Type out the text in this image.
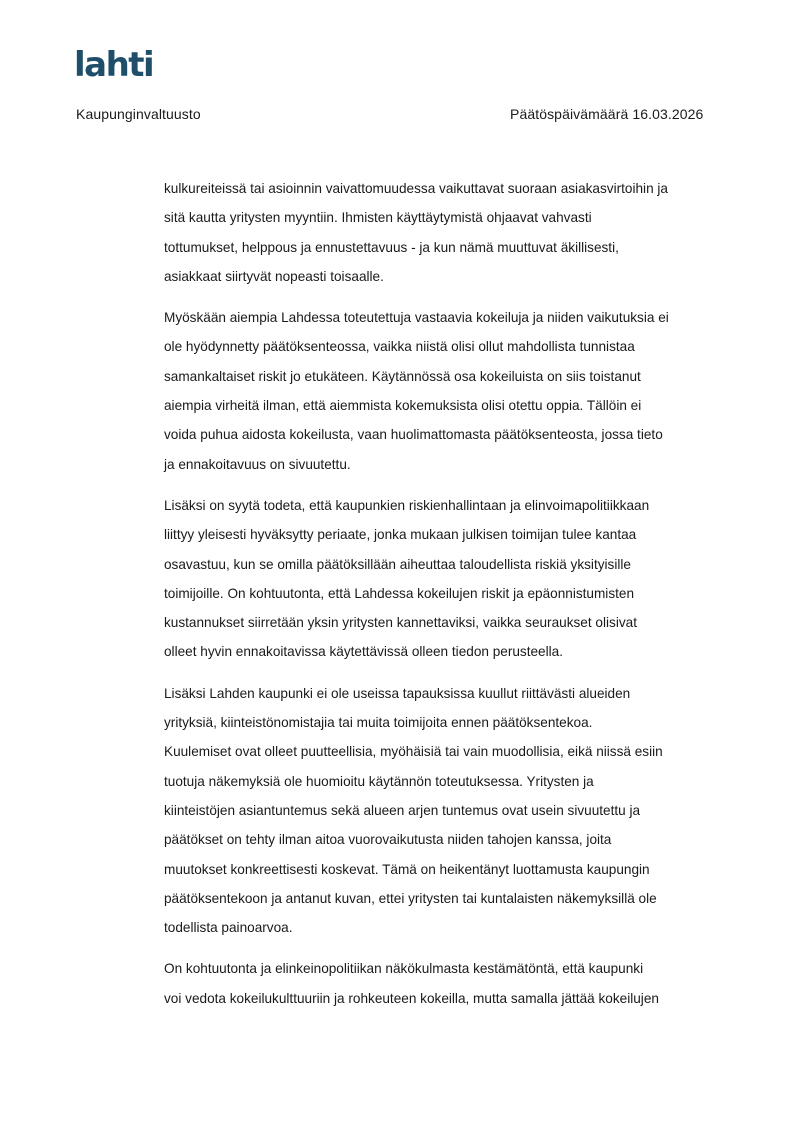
lahti
Kaupunginvaltuusto	Päätöspäivämäärä 16.03.2026
kulkureiteissä tai asioinnin vaivattomuudessa vaikuttavat suoraan asiakasvirtoihin ja
sitä kautta yritysten myyntiin. Ihmisten käyttäytymistä ohjaavat vahvasti
tottumukset, helppous ja ennustettavuus - ja kun nämä muuttuvat äkillisesti,
asiakkaat siirtyvät nopeasti toisaalle.
Myöskään aiempia Lahdessa toteutettuja vastaavia kokeiluja ja niiden vaikutuksia ei
ole hyödynnetty päätöksenteossa, vaikka niistä olisi ollut mahdollista tunnistaa
samankaltaiset riskit jo etukäteen. Käytännössä osa kokeiluista on siis toistanut
aiempia virheitä ilman, että aiemmista kokemuksista olisi otettu oppia. Tällöin ei
voida puhua aidosta kokeilusta, vaan huolimattomasta päätöksenteosta, jossa tieto
ja ennakoitavuus on sivuutettu.
Lisäksi on syytä todeta, että kaupunkien riskienhallintaan ja elinvoimapolitiikkaan
liittyy yleisesti hyväksytty periaate, jonka mukaan julkisen toimijan tulee kantaa
osavastuu, kun se omilla päätöksillään aiheuttaa taloudellista riskiä yksityisille
toimijoille. On kohtuutonta, että Lahdessa kokeilujen riskit ja epäonnistumisten
kustannukset siirretään yksin yritysten kannettaviksi, vaikka seuraukset olisivat
olleet hyvin ennakoitavissa käytettävissä olleen tiedon perusteella.
Lisäksi Lahden kaupunki ei ole useissa tapauksissa kuullut riittävästi alueiden
yrityksiä, kiinteistönomistajia tai muita toimijoita ennen päätöksentekoa.
Kuulemiset ovat olleet puutteellisia, myöhäisiä tai vain muodollisia, eikä niissä esiin
tuotuja näkemyksiä ole huomioitu käytännön toteutuksessa. Yritysten ja
kiinteistöjen asiantuntemus sekä alueen arjen tuntemus ovat usein sivuutettu ja
päätökset on tehty ilman aitoa vuorovaikutusta niiden tahojen kanssa, joita
muutokset konkreettisesti koskevat. Tämä on heikentänyt luottamusta kaupungin
päätöksentekoon ja antanut kuvan, ettei yritysten tai kuntalaisten näkemyksillä ole
todellista painoarvoa.
On kohtuutonta ja elinkeinopolitiikan näkökulmasta kestämätöntä, että kaupunki
voi vedota kokeilukulttuuriin ja rohkeuteen kokeilla, mutta samalla jättää kokeilujen
